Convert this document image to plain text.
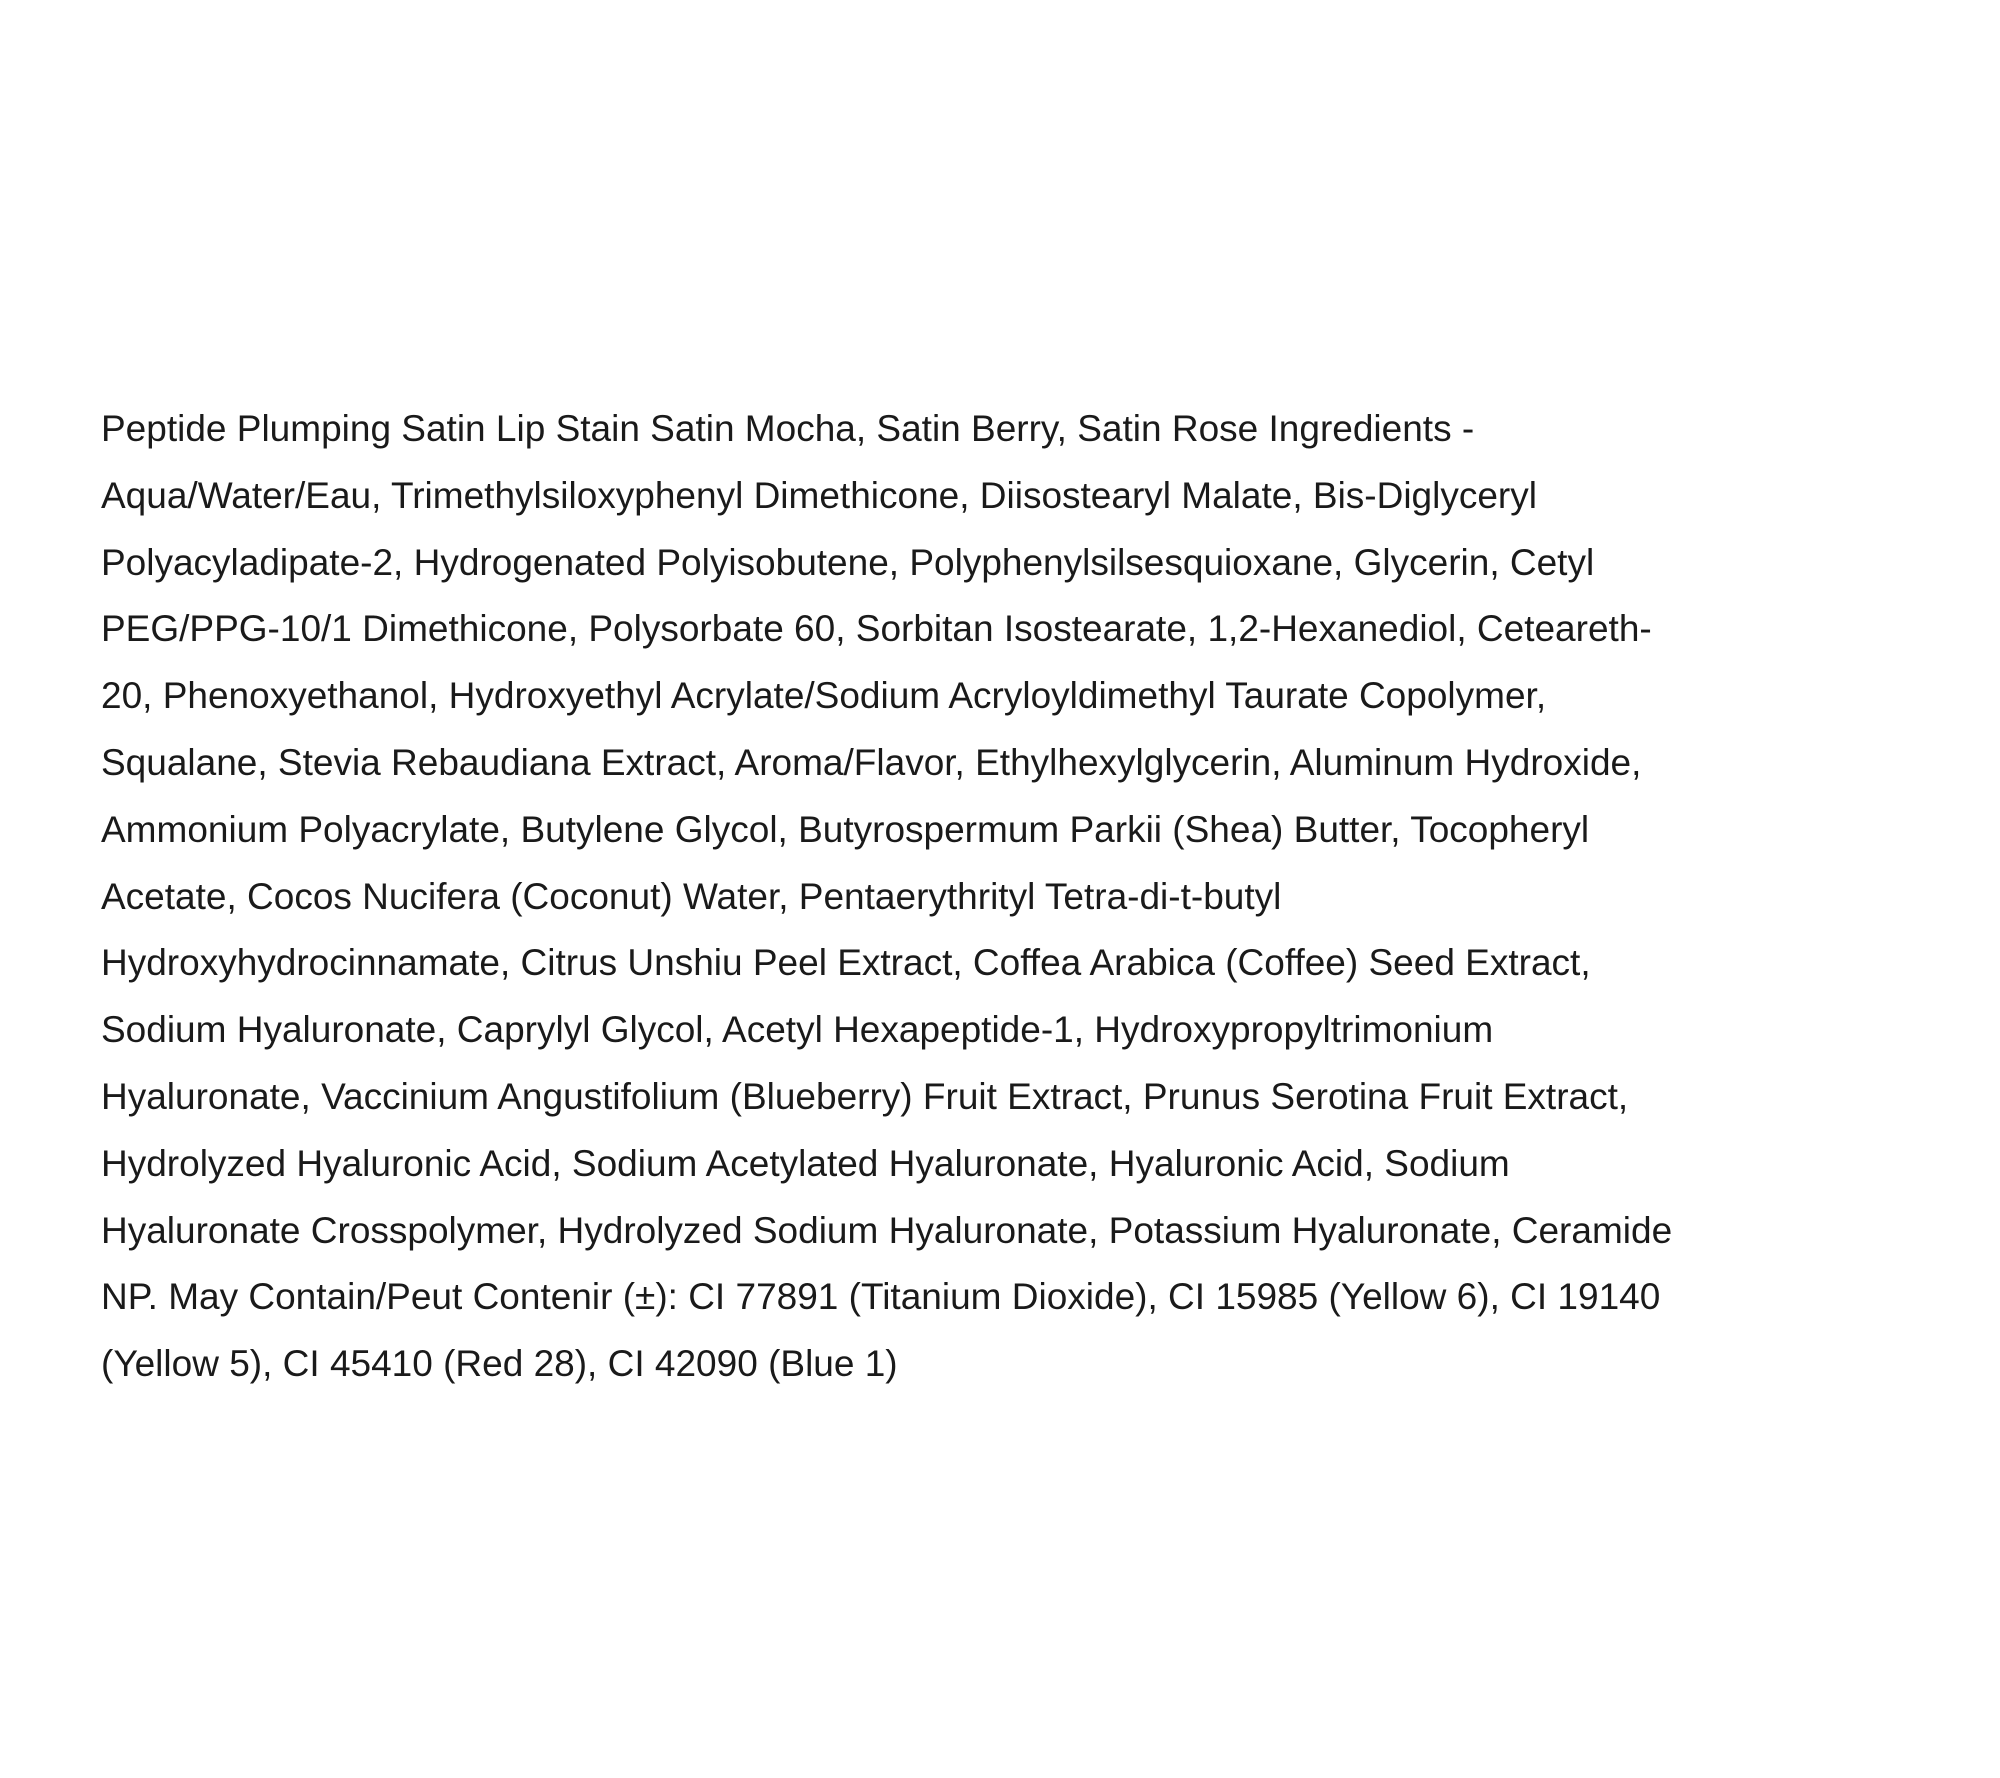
Peptide Plumping Satin Lip Stain Satin Mocha, Satin Berry, Satin Rose Ingredients -
Aqua/Water/Eau, Trimethylsiloxyphenyl Dimethicone, Diisostearyl Malate, Bis-Diglyceryl
Polyacyladipate-2, Hydrogenated Polyisobutene, Polyphenylsilsesquioxane, Glycerin, Cetyl
PEG/PPG-10/1 Dimethicone, Polysorbate 60, Sorbitan Isostearate, 1,2-Hexanediol, Ceteareth-
20, Phenoxyethanol, Hydroxyethyl Acrylate/Sodium Acryloyldimethyl Taurate Copolymer,
Squalane, Stevia Rebaudiana Extract, Aroma/Flavor, Ethylhexylglycerin, Aluminum Hydroxide,
Ammonium Polyacrylate, Butylene Glycol, Butyrospermum Parkii (Shea) Butter, Tocopheryl
Acetate, Cocos Nucifera (Coconut) Water, Pentaerythrityl Tetra-di-t-butyl
Hydroxyhydrocinnamate, Citrus Unshiu Peel Extract, Coffea Arabica (Coffee) Seed Extract,
Sodium Hyaluronate, Caprylyl Glycol, Acetyl Hexapeptide-1, Hydroxypropyltrimonium
Hyaluronate, Vaccinium Angustifolium (Blueberry) Fruit Extract, Prunus Serotina Fruit Extract,
Hydrolyzed Hyaluronic Acid, Sodium Acetylated Hyaluronate, Hyaluronic Acid, Sodium
Hyaluronate Crosspolymer, Hydrolyzed Sodium Hyaluronate, Potassium Hyaluronate, Ceramide
NP. May Contain/Peut Contenir (±): CI 77891 (Titanium Dioxide), CI 15985 (Yellow 6), CI 19140
(Yellow 5), CI 45410 (Red 28), CI 42090 (Blue 1)
